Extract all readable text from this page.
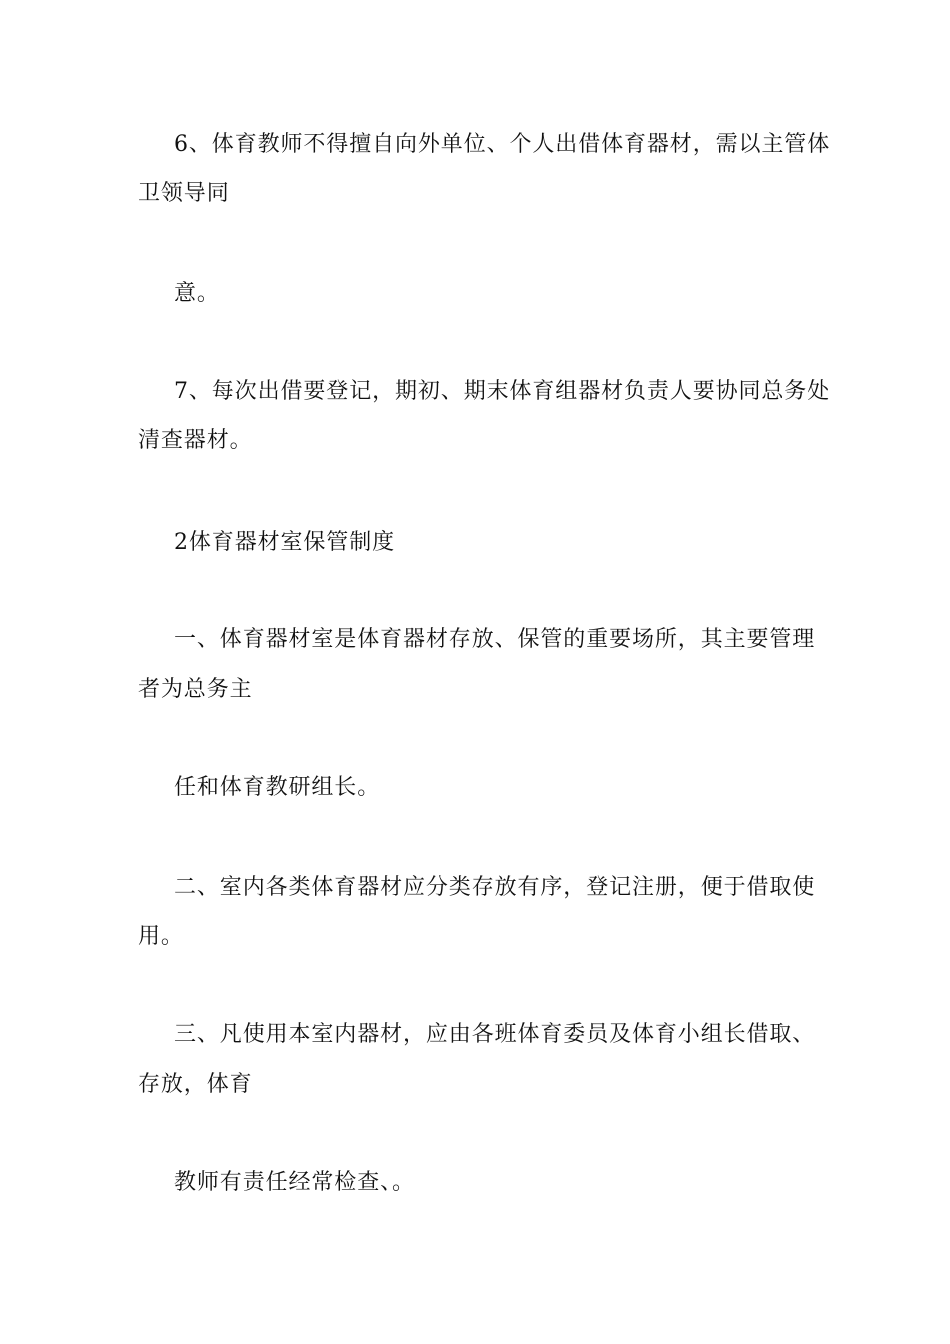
6、体育教师不得擅自向外单位、个人出借体育器材，需以主管体
卫领导同
意。
7、每次出借要登记，期初、期末体育组器材负责人要协同总务处
清查器材。
2体育器材室保管制度
一、体育器材室是体育器材存放、保管的重要场所，其主要管理
者为总务主
任和体育教研组长。
二、室内各类体育器材应分类存放有序，登记注册，便于借取使
用。
三、凡使用本室内器材，应由各班体育委员及体育小组长借取、
存放，体育
教师有责任经常检查、。
